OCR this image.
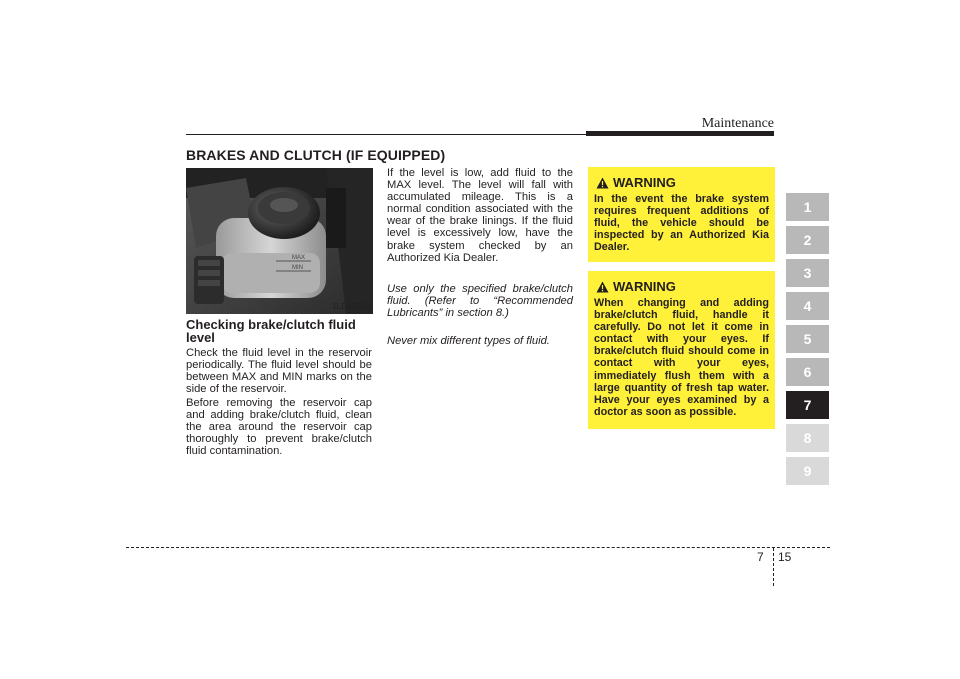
Maintenance
BRAKES AND CLUTCH (IF EQUIPPED)
MAX
MIN
1LDA5020
Checking brake/clutch fluid level
Check the fluid level in the reservoir periodically. The fluid level should be between MAX and MIN marks on the side of the reservoir.
Before removing the reservoir cap and adding brake/clutch fluid, clean the area around the reservoir cap thoroughly to prevent brake/clutch fluid contamination.
If the level is low, add fluid to the MAX level. The level will fall with accumulated mileage. This is a normal condition associated with the wear of the brake linings. If the fluid level is excessively low, have the brake system checked by an Authorized Kia Dealer.
Use only the specified brake/clutch fluid. (Refer to “Recommended Lubricants” in section 8.)
Never mix different types of fluid.
WARNING
In the event the brake system requires frequent additions of fluid, the vehicle should be inspected by an Authorized Kia Dealer.
WARNING
When changing and adding brake/clutch fluid, handle it carefully. Do not let it come in contact with your eyes. If brake/clutch fluid should come in contact with your eyes, immediately flush them with a large quantity of fresh tap water. Have your eyes examined by a doctor as soon as possible.
1
2
3
4
5
6
7
8
9
7 15
